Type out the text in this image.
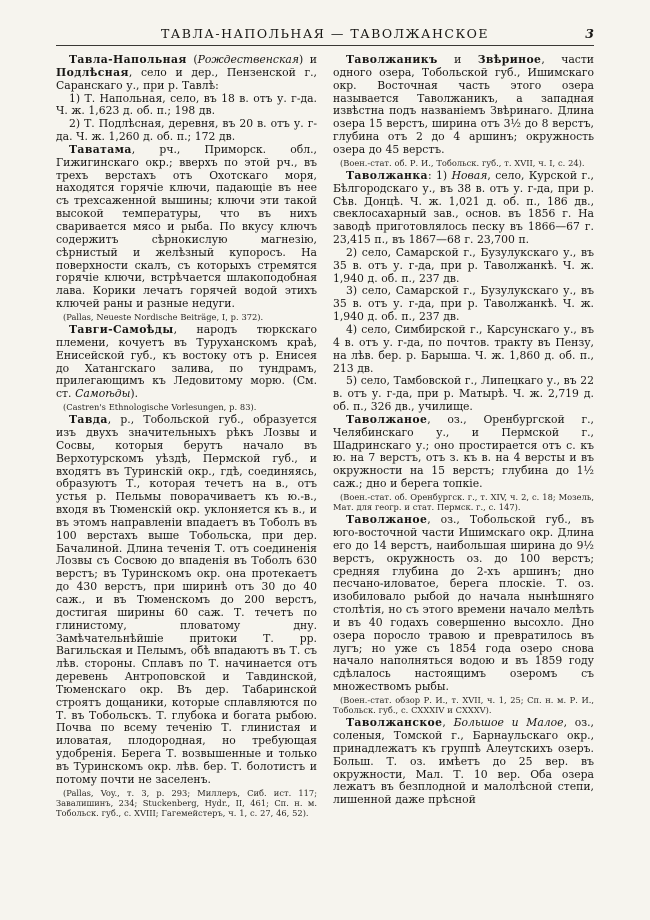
ТАВЛА-НАПОЛЬНАЯ — ТАВОЛЖАНСКОЕ	3

Тавла-Напольная (Рождественская) и Подлѣсная, село и дер., Пензенской г., Саранскаго у., при р. Тавлѣ:

1) Т. Напольная, село, въ 18 в. отъ у. г-да. Ч. ж. 1,623 д. об. п.; 198 дв.

2) Т. Подлѣсная, деревня, въ 20 в. отъ у. г-да. Ч. ж. 1,260 д. об. п.; 172 дв.

Таватама, рч., Приморск. обл., Гижигинскаго окр.; вверхъ по этой рч., въ трехъ верстахъ отъ Охотскаго моря, находятся горячіе ключи, падающіе въ нее съ трехсаженной вышины; ключи эти такой высокой температуры, что въ нихъ сваривается мясо и рыба. По вкусу ключъ содержитъ сѣрнокислую магнезію, сѣрнистый и желѣзный купоросъ. На поверхности скалъ, съ которыхъ стремятся горячіе ключи, встрѣчается шлакоподобная лава. Корики лечатъ горячей водой этихъ ключей раны и разные недуги.

(Pallas, Neueste Nordische Beiträge, I, p. 372).

Тавги-Самоѣды, народъ тюркскаго племени, кочуетъ въ Туруханскомъ краѣ, Енисейской губ., къ востоку отъ р. Енисея до Хатангскаго залива, по тундрамъ, прилегающимъ къ Ледовитому морю. (См. ст. Самоѣды).

(Castren's Ethnologische Vorlesungen, p. 83).

Тавда, р., Тобольской губ., образуется изъ двухъ значительныхъ рѣкъ Лозвы и Сосвы, которыя берутъ начало въ Верхотурскомъ уѣздѣ, Пермской губ., и входятъ въ Туринскій окр., гдѣ, соединяясь, образуютъ Т., которая течетъ на в., отъ устья р. Пельмы поворачиваетъ къ ю.-в., входя въ Тюменскій окр. уклоняется къ в., и въ этомъ направленіи впадаетъ въ Тоболъ въ 100 верстахъ выше Тобольска, при дер. Бачалиной. Длина теченія Т. отъ соединенія Лозвы съ Сосвою до впаденія въ Тоболъ 630 верстъ; въ Туринскомъ окр. она протекаетъ до 430 верстъ, при ширинѣ отъ 30 до 40 саж., и въ Тюменскомъ до 200 верстъ, достигая ширины 60 саж. Т. течетъ по глинистому, пловатому дну. Замѣчательнѣйшіе притоки Т. рр. Вагильская и Пелымъ, обѣ впадаютъ въ Т. съ лѣв. стороны. Сплавъ по Т. начинается отъ деревень Антроповской и Тавдинской, Тюменскаго окр. Въ дер. Табаринской строятъ дощаники, которые сплавляются по Т. въ Тобольскъ. Т. глубока и богата рыбою. Почва по всему теченію Т. глинистая и иловатая, плодородная, но требующая удобренія. Берега Т. возвышенные и только въ Туринскомъ окр. лѣв. бер. Т. болотистъ и потому почти не заселенъ.

(Pallas, Voy., т. 3, р. 293; Миллеръ, Сиб. ист. 117; Завалишинъ, 234; Stuckenberg, Hydr., II, 461; Сп. н. м. Тобольск. губ., с. XVIII; Гагемейстеръ, ч. 1, с. 27, 46, 52).

Таволжаникъ и Звѣриное, части одного озера, Тобольской губ., Ишимскаго окр. Восточная часть этого озера называется Таволжаникъ, а западная извѣстна подъ названіемъ Звѣринаго. Длина озера 15 верстъ, ширина отъ 3½ до 8 верстъ, глубина отъ 2 до 4 аршинъ; окружность озера до 45 верстъ.

(Воен.-стат. об. Р. И., Тобольск. губ., т. XVII, ч. I, с. 24).

Таволжанка: 1) Новая, село, Курской г., Бѣлгородскаго у., въ 38 в. отъ у. г-да, при р. Сѣв. Донцѣ. Ч. ж. 1,021 д. об. п., 186 дв., свеклосахарный зав., основ. въ 1856 г. На заводѣ приготовлялось песку въ 1866—67 г. 23,415 п., въ 1867—68 г. 23,700 п.

2) село, Самарской г., Бузулукскаго у., въ 35 в. отъ у. г-да, при р. Таволжанкѣ. Ч. ж. 1,940 д. об. п., 237 дв.

3) село, Самарской г., Бузулукскаго у., въ 35 в. отъ у. г-да, при р. Таволжанкѣ. Ч. ж. 1,940 д. об. п., 237 дв.

4) село, Симбирской г., Карсунскаго у., въ 4 в. отъ у. г-да, по почтов. тракту въ Пензу, на лѣв. бер. р. Барыша. Ч. ж. 1,860 д. об. п., 213 дв.

5) село, Тамбовской г., Липецкаго у., въ 22 в. отъ у. г-да, при р. Матырѣ. Ч. ж. 2,719 д. об. п., 326 дв., училище.

Таволжаное, оз., Оренбургской г., Челябинскаго у., и Пермской г., Шадринскаго у.; оно простирается отъ с. къ ю. на 7 верстъ, отъ з. къ в. на 4 версты и въ окружности на 15 верстъ; глубина до 1½ саж.; дно и берега топкіе.

(Воен.-стат. об. Оренбургск. г., т. XIV, ч. 2, с. 18; Мозель, Мат. для геогр. и стат. Пермск. г., с. 147).

Таволжаное, оз., Тобольской губ., въ юго-восточной части Ишимскаго окр. Длина его до 14 верстъ, наибольшая ширина до 9½ верстъ, окружность оз. до 100 верстъ; средняя глубина до 2-хъ аршинъ; дно песчано-иловатое, берега плоскіе. Т. оз. изобиловало рыбой до начала нынѣшняго столѣтія, но съ этого времени начало мелѣть и въ 40 годахъ совершенно высохло. Дно озера поросло травою и превратилось въ лугъ; но уже съ 1854 года озеро снова начало наполняться водою и въ 1859 году сдѣлалось настоящимъ озеромъ съ множествомъ рыбы.

(Воен.-стат. обзор Р. И., т. XVII, ч. 1, 25; Сп. н. м. Р. И., Тобольск. губ., с. CXXXIV и CXXXV).

Таволжанское, Большое и Малое, оз., соленыя, Томской г., Барнаульскаго окр., принадлежатъ къ группѣ Алеутскихъ озеръ. Больш. Т. оз. имѣетъ до 25 вер. въ окружности, Мал. Т. 10 вер. Оба озера лежатъ въ безплодной и малолѣсной степи, лишенной даже прѣсной
